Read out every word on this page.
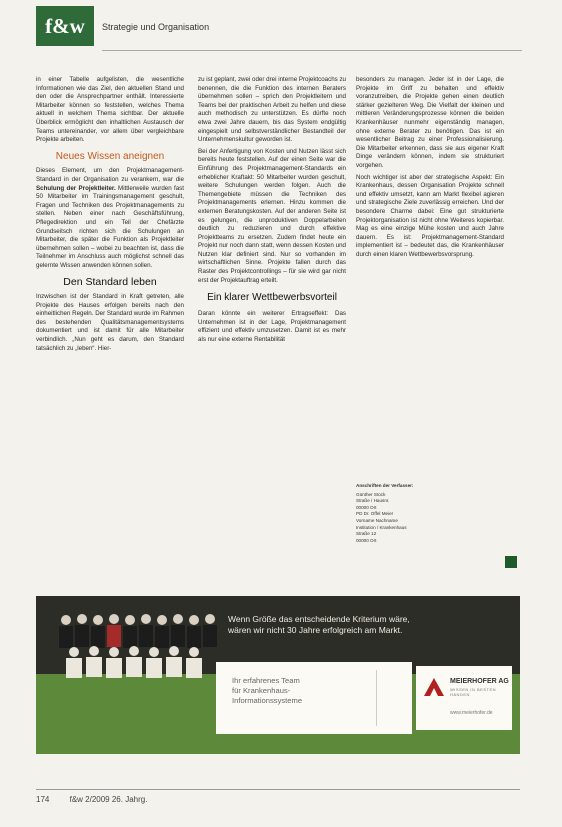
f&w	Strategie und Organisation

in einer Tabelle aufgelisten, die wesentliche Informationen wie das Ziel, den aktuellen Stand und den oder die Ansprechpartner enthält. Interessierte Mitarbeiter können so feststellen, welches Thema aktuell in welchem Thema sichtbar. Der aktuelle Überblick ermöglicht den inhaltlichen Austausch der Teams untereinander, vor allem über vergleichbare Projekte arbeiten.

Neues Wissen aneignen

Dieses Element, um den Projektmanagement-Standard in der Organisation zu verankern, war die Schulung der Projektleiter. Mittlerweile wurden fast 50 Mitarbeiter im Trainingsmanagement geschult, Fragen und Techniken des Projektmanagements zu stellen. Neben einer nach Geschäftsführung, Pflegedirektion und ein Teil der Chefärzte Grundseitsch richten sich die Schulungen an Mitarbeiter, die später die Funktion als Projektleiter übernehmen sollen – wobei zu beachten ist, dass die Teilnehmer im Anschluss auch möglichst schnell das gelernte Wissen anwenden können sollen.

Den Standard leben

Inzwischen ist der Standard in Kraft getreten, alle Projekte des Hauses erfolgen bereits nach den einheitlichen Regeln. Der Standard wurde im Rahmen des bestehenden Qualitätsmanagementsystems dokumentiert und ist damit für alle Mitarbeiter verbindlich. „Nun geht es darum, den Standard tatsächlich zu „leben“. Hier-

zu ist geplant, zwei oder drei interne Projektcoachs zu benennen, die die Funktion des internen Beraters übernehmen sollen – sprich den Projektleitern und Teams bei der praktischen Arbeit zu helfen und diese auch methodisch zu unterstützen. Es dürfte noch etwa zwei Jahre dauern, bis das System endgültig eingespielt und selbstverständlicher Bestandteil der Unternehmenskultur geworden ist.

Bei der Anfertigung von Kosten und Nutzen lässt sich bereits heute feststellen. Auf der einen Seite war die Einführung des Projektmanagement-Standards ein erheblicher Kraftakt: 50 Mitarbeiter wurden geschult, weitere Schulungen werden folgen. Auch die Themengebiete müssen die Techniken des Projektmanagements erlernen. Hinzu kommen die externen Beratungskosten. Auf der anderen Seite ist es gelungen, die unproduktiven Doppelarbeiten deutlich zu reduzieren und durch effektive Projektteams zu ersetzen. Zudem findet heute ein Projekt nur noch dann statt, wenn dessen Kosten und Nutzen klar definiert sind. Nur so vorhanden im wirtschaftlichen Sinne. Projekte fallen durch das Raster des Projektcontrollings – für sie wird gar nicht erst der Projektauftrag erteilt.

Ein klarer Wettbewerbsvorteil

Daran könnte ein weiterer Ertragseffekt: Das Unternehmen ist in der Lage, Projektmanagement effizient und effektiv umzusetzen. Damit ist es mehr als nur eine externe Rentabilität

besonders zu managen. Jeder ist in der Lage, die Projekte im Griff zu behalten und effektiv voranzutreiben, die Projekte gehen einen deutlich stärker gezielteren Weg. Die Vielfalt der kleinen und mittleren Veränderungsprozesse können die beiden Krankenhäuser nunmehr eigenständig managen, ohne externe Berater zu benötigen. Das ist ein wesentlicher Beitrag zu einer Professionalisierung. Die Mitarbeiter erkennen, dass sie aus eigener Kraft Dinge verändern können, indem sie strukturiert vorgehen.

Noch wichtiger ist aber der strategische Aspekt: Ein Krankenhaus, dessen Organisation Projekte schnell und effektiv umsetzt, kann am Markt flexibel agieren und strategische Ziele zuverlässig erreichen. Und der besondere Charme dabei: Eine gut strukturierte Projektorganisation ist nicht ohne Weiteres kopierbar. Mag es eine einzige Mühe kosten und auch Jahre dauern. Es ist: Projektmanagement-Standard implementiert ist – bedeutet das, die Krankenhäuser durch einen klaren Wettbewerbsvorsprung.

Anschriften der Verfasser:
Günther Stock
Straße / Hausnr.
00000 Ort
PD Dr. Offel Meier
Vorname Nachname
Institution / Krankenhaus
Straße 12
00000 Ort
Wenn Größe das entscheidende Kriterium wäre,
wären wir nicht 30 Jahre erfolgreich am Markt.
Ihr erfahrenes Team
für Krankenhaus-
Informationssysteme
MEIERHOFER AG
WISSEN IN BESTEN HÄNDEN
www.meierhofer.de
174	f&w 2/2009 26. Jahrg.
